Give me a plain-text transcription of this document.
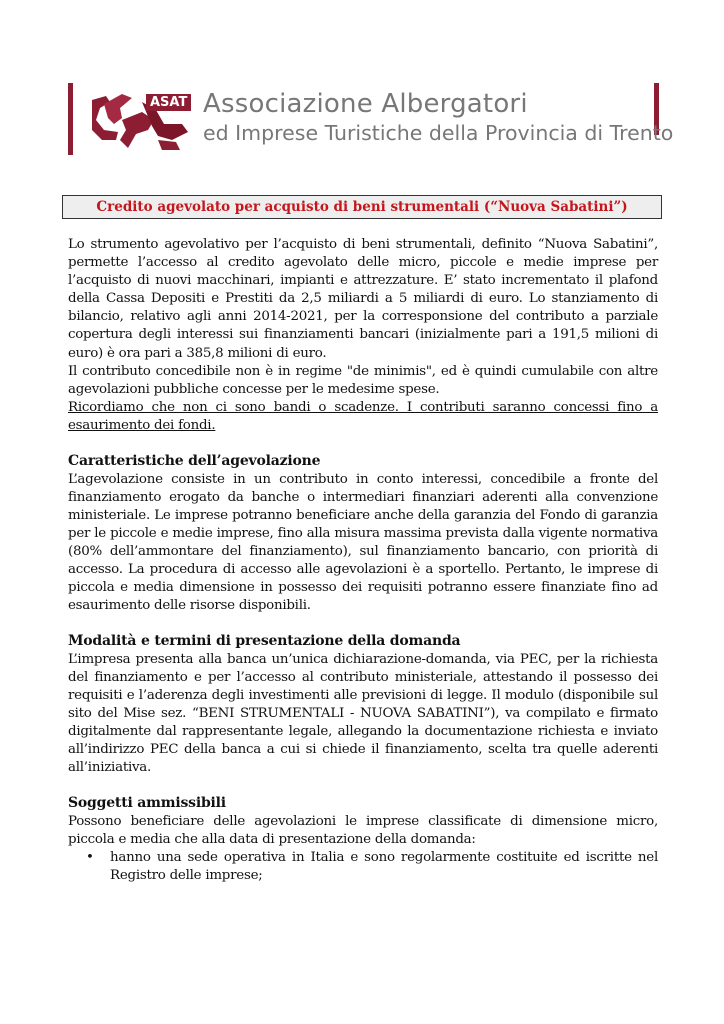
ASAT Associazione Albergatori
ed Imprese Turistiche della Provincia di Trento
Credito agevolato per acquisto di beni strumentali (“Nuova Sabatini”)

Lo strumento agevolativo per l’acquisto di beni strumentali, definito “Nuova Sabatini”, permette l’accesso al credito agevolato delle micro, piccole e medie imprese per l’acquisto di nuovi macchinari, impianti e attrezzature. E’ stato incrementato il plafond della Cassa Depositi e Prestiti da 2,5 miliardi a 5 miliardi di euro. Lo stanziamento di bilancio, relativo agli anni 2014-2021, per la corresponsione del contributo a parziale copertura degli interessi sui finanziamenti bancari (inizialmente pari a 191,5 milioni di euro) è ora pari a 385,8 milioni di euro.

Il contributo concedibile non è in regime "de minimis", ed è quindi cumulabile con altre agevolazioni pubbliche concesse per le medesime spese.

Ricordiamo che non ci sono bandi o scadenze. I contributi saranno concessi fino a esaurimento dei fondi.

Caratteristiche dell’agevolazione

L’agevolazione consiste in un contributo in conto interessi, concedibile a fronte del finanziamento erogato da banche o intermediari finanziari aderenti alla convenzione ministeriale. Le imprese potranno beneficiare anche della garanzia del Fondo di garanzia per le piccole e medie imprese, fino alla misura massima prevista dalla vigente normativa (80% dell’ammontare del finanziamento), sul finanziamento bancario, con priorità di accesso. La procedura di accesso alle agevolazioni è a sportello. Pertanto, le imprese di piccola e media dimensione in possesso dei requisiti potranno essere finanziate fino ad esaurimento delle risorse disponibili.

Modalità e termini di presentazione della domanda

L’impresa presenta alla banca un’unica dichiarazione-domanda, via PEC, per la richiesta del finanziamento e per l’accesso al contributo ministeriale, attestando il possesso dei requisiti e l’aderenza degli investimenti alle previsioni di legge. Il modulo (disponibile sul sito del Mise sez. “BENI STRUMENTALI - NUOVA SABATINI”), va compilato e firmato digitalmente dal rappresentante legale, allegando la documentazione richiesta e inviato all’indirizzo PEC della banca a cui si chiede il finanziamento, scelta tra quelle aderenti all’iniziativa.

Soggetti ammissibili

Possono beneficiare delle agevolazioni le imprese classificate di dimensione micro, piccola e media che alla data di presentazione della domanda:

•	hanno una sede operativa in Italia e sono regolarmente costituite ed iscritte nel Registro delle imprese;
